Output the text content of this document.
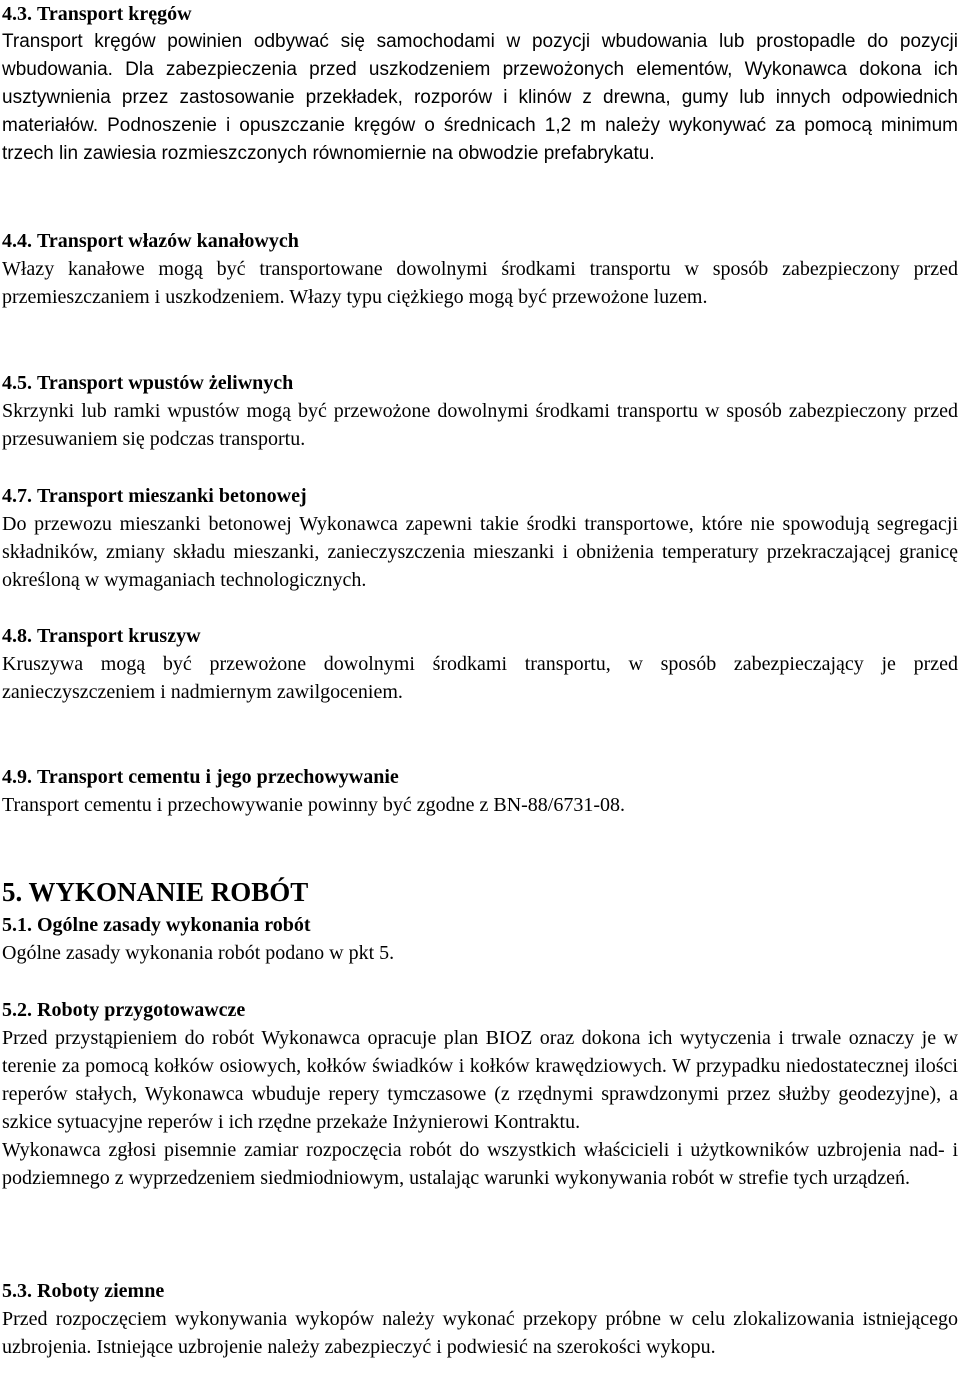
4.3. Transport kręgów
Transport kręgów powinien odbywać się samochodami w pozycji wbudowania lub prostopadle do pozycji wbudowania. Dla zabezpieczenia przed uszkodzeniem przewożonych elementów, Wykonawca dokona ich usztywnienia przez zastosowanie przekładek, rozporów i klinów z drewna, gumy lub innych odpowiednich materiałów. Podnoszenie i opuszczanie kręgów o średnicach 1,2 m należy wykonywać za pomocą minimum trzech lin zawiesia rozmieszczonych równomiernie na obwodzie prefabrykatu.
4.4. Transport włazów kanałowych
Włazy kanałowe mogą być transportowane dowolnymi środkami transportu w sposób zabezpieczony przed przemieszczaniem i uszkodzeniem. Włazy typu ciężkiego mogą być przewożone luzem.
4.5. Transport wpustów żeliwnych
Skrzynki lub ramki wpustów mogą być przewożone dowolnymi środkami transportu w sposób zabezpieczony przed przesuwaniem się podczas transportu.
4.7. Transport mieszanki betonowej
Do przewozu mieszanki betonowej Wykonawca zapewni takie środki transportowe, które nie spowodują segregacji składników, zmiany składu mieszanki, zanieczyszczenia mieszanki i obniżenia temperatury przekraczającej granicę określoną w wymaganiach technologicznych.
4.8. Transport kruszyw
Kruszywa mogą być przewożone dowolnymi środkami transportu, w sposób zabezpieczający je przed zanieczyszczeniem i nadmiernym zawilgoceniem.
4.9. Transport cementu i jego przechowywanie
Transport cementu i przechowywanie powinny być zgodne z BN-88/6731-08.
5. WYKONANIE ROBÓT
5.1. Ogólne zasady wykonania robót
Ogólne zasady wykonania robót podano w pkt 5.
5.2. Roboty przygotowawcze
Przed przystąpieniem do robót Wykonawca opracuje plan BIOZ oraz dokona ich wytyczenia i trwale oznaczy je w terenie za pomocą kołków osiowych, kołków świadków i kołków krawędziowych. W przypadku niedostatecznej ilości reperów stałych, Wykonawca wbuduje repery tymczasowe (z rzędnymi sprawdzonymi przez służby geodezyjne), a szkice sytuacyjne reperów i ich rzędne przekaże Inżynierowi Kontraktu.
Wykonawca zgłosi pisemnie zamiar rozpoczęcia robót do wszystkich właścicieli i użytkowników uzbrojenia nad- i podziemnego z wyprzedzeniem siedmiodniowym, ustalając warunki wykonywania robót w strefie tych urządzeń.
5.3. Roboty ziemne
Przed rozpoczęciem wykonywania wykopów należy wykonać przekopy próbne w celu zlokalizowania istniejącego uzbrojenia. Istniejące uzbrojenie należy zabezpieczyć i podwiesić na szerokości wykopu.
